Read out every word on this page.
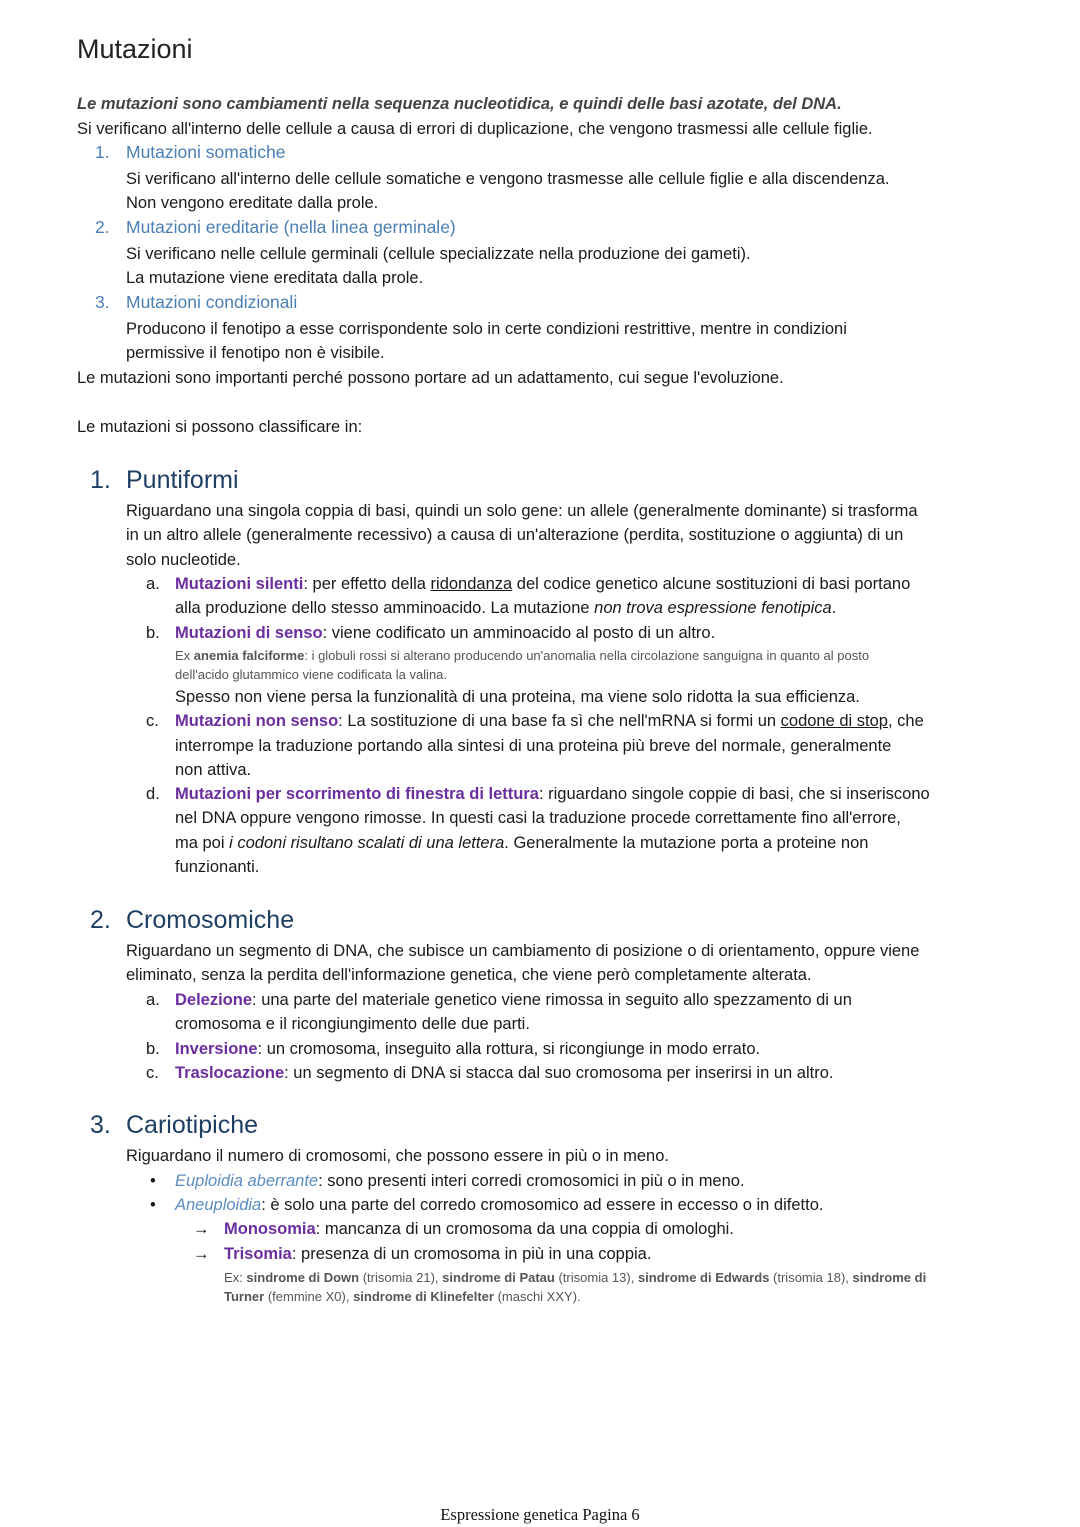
Mutazioni
Le mutazioni sono cambiamenti nella sequenza nucleotidica, e quindi delle basi azotate, del DNA.
Si verificano all'interno delle cellule a causa di errori di duplicazione, che vengono trasmessi alle cellule figlie.
1. Mutazioni somatiche
Si verificano all'interno delle cellule somatiche e vengono trasmesse alle cellule figlie e alla discendenza.
Non vengono ereditate dalla prole.
2. Mutazioni ereditarie (nella linea germinale)
Si verificano nelle cellule germinali (cellule specializzate nella produzione dei gameti).
La mutazione viene ereditata dalla prole.
3. Mutazioni condizionali
Producono il fenotipo a esse corrispondente solo in certe condizioni restrittive, mentre in condizioni
permissive il fenotipo non è visibile.
Le mutazioni sono importanti perché possono portare ad un adattamento, cui segue l'evoluzione.
Le mutazioni si possono classificare in:
1. Puntiformi
Riguardano una singola coppia di basi, quindi un solo gene: un allele (generalmente dominante) si trasforma
in un altro allele (generalmente recessivo) a causa di un'alterazione (perdita, sostituzione o aggiunta) di un
solo nucleotide.
a. Mutazioni silenti: per effetto della ridondanza del codice genetico alcune sostituzioni di basi portano
alla produzione dello stesso amminoacido. La mutazione non trova espressione fenotipica.
b. Mutazioni di senso: viene codificato un amminoacido al posto di un altro.
Ex anemia falciforme: i globuli rossi si alterano producendo un'anomalia nella circolazione sanguigna in quanto al posto
dell'acido glutammico viene codificata la valina.
Spesso non viene persa la funzionalità di una proteina, ma viene solo ridotta la sua efficienza.
c. Mutazioni non senso: La sostituzione di una base fa sì che nell'mRNA si formi un codone di stop, che
interrompe la traduzione portando alla sintesi di una proteina più breve del normale, generalmente
non attiva.
d. Mutazioni per scorrimento di finestra di lettura: riguardano singole coppie di basi, che si inseriscono
nel DNA oppure vengono rimosse. In questi casi la traduzione procede correttamente fino all'errore,
ma poi i codoni risultano scalati di una lettera. Generalmente la mutazione porta a proteine non
funzionanti.
2. Cromosomiche
Riguardano un segmento di DNA, che subisce un cambiamento di posizione o di orientamento, oppure viene
eliminato, senza la perdita dell'informazione genetica, che viene però completamente alterata.
a. Delezione: una parte del materiale genetico viene rimossa in seguito allo spezzamento di un
cromosoma e il ricongiungimento delle due parti.
b. Inversione: un cromosoma, inseguito alla rottura, si ricongiunge in modo errato.
c. Traslocazione: un segmento di DNA si stacca dal suo cromosoma per inserirsi in un altro.
3. Cariotipiche
Riguardano il numero di cromosomi, che possono essere in più o in meno.
•	Euploidia aberrante: sono presenti interi corredi cromosomici in più o in meno.
•	Aneuploidia: è solo una parte del corredo cromosomico ad essere in eccesso o in difetto.
→ Monosomia: mancanza di un cromosoma da una coppia di omologhi.
→ Trisomia: presenza di un cromosoma in più in una coppia.
Ex: sindrome di Down (trisomia 21), sindrome di Patau (trisomia 13), sindrome di Edwards (trisomia 18), sindrome di
Turner (femmine X0), sindrome di Klinefelter (maschi XXY).
Espressione genetica Pagina 6
